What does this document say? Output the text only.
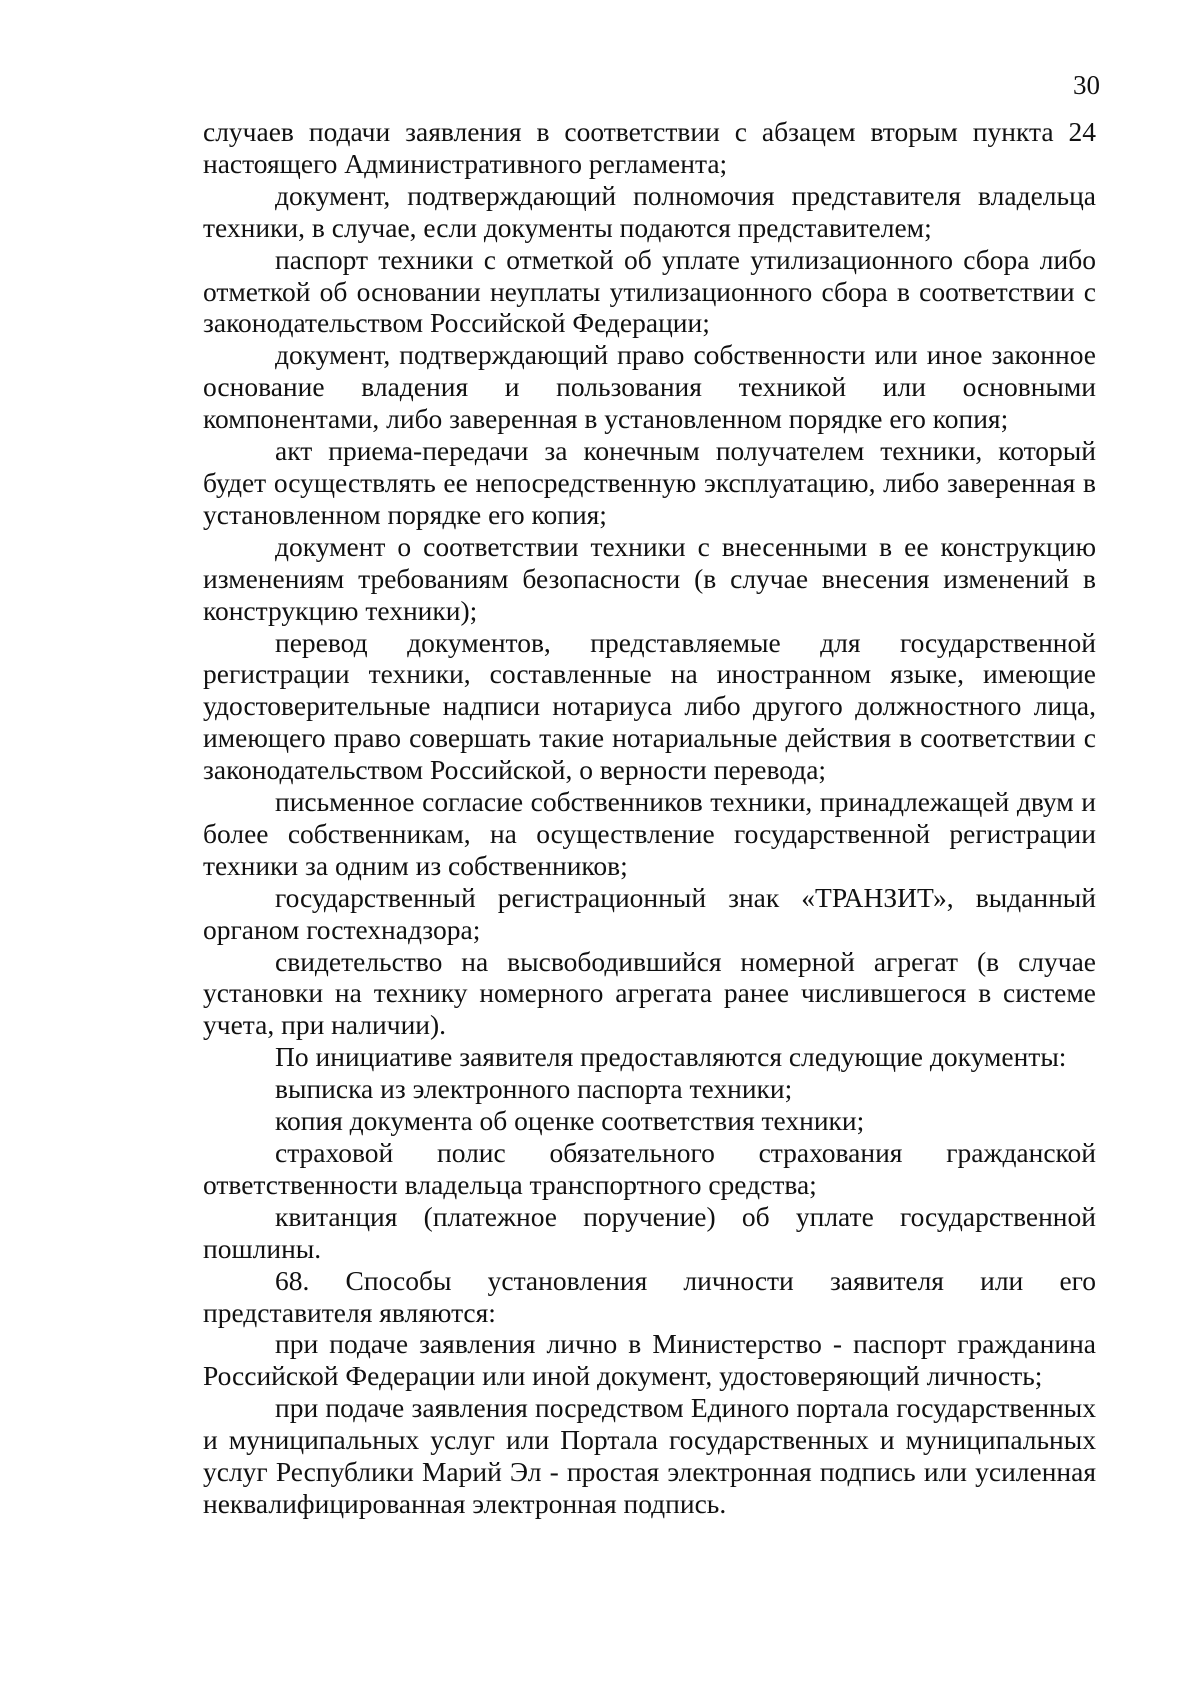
30

случаев подачи заявления в соответствии с абзацем вторым пункта 24 настоящего Административного регламента;

документ, подтверждающий полномочия представителя владельца техники, в случае, если документы подаются представителем;

паспорт техники с отметкой об уплате утилизационного сбора либо отметкой об основании неуплаты утилизационного сбора в соответствии с законодательством Российской Федерации;

документ, подтверждающий право собственности или иное законное основание владения и пользования техникой или основными компонентами, либо заверенная в установленном порядке его копия;

акт приема-передачи за конечным получателем техники, который будет осуществлять ее непосредственную эксплуатацию, либо заверенная в установленном порядке его копия;

документ о соответствии техники с внесенными в ее конструкцию изменениям требованиям безопасности (в случае внесения изменений в конструкцию техники);

перевод документов, представляемые для государственной регистрации техники, составленные на иностранном языке, имеющие удостоверительные надписи нотариуса либо другого должностного лица, имеющего право совершать такие нотариальные действия в соответствии с законодательством Российской, о верности перевода;

письменное согласие собственников техники, принадлежащей двум и более собственникам, на осуществление государственной регистрации техники за одним из собственников;

государственный регистрационный знак «ТРАНЗИТ», выданный органом гостехнадзора;

свидетельство на высвободившийся номерной агрегат (в случае установки на технику номерного агрегата ранее числившегося в системе учета, при наличии).

По инициативе заявителя предоставляются следующие документы:

выписка из электронного паспорта техники;

копия документа об оценке соответствия техники;

страховой полис обязательного страхования гражданской ответственности владельца транспортного средства;

квитанция (платежное поручение) об уплате государственной пошлины.

68. Способы установления личности заявителя или его представителя являются:

при подаче заявления лично в Министерство - паспорт гражданина Российской Федерации или иной документ, удостоверяющий личность;

при подаче заявления посредством Единого портала государственных и муниципальных услуг или Портала государственных и муниципальных услуг Республики Марий Эл - простая электронная подпись или усиленная неквалифицированная электронная подпись.
